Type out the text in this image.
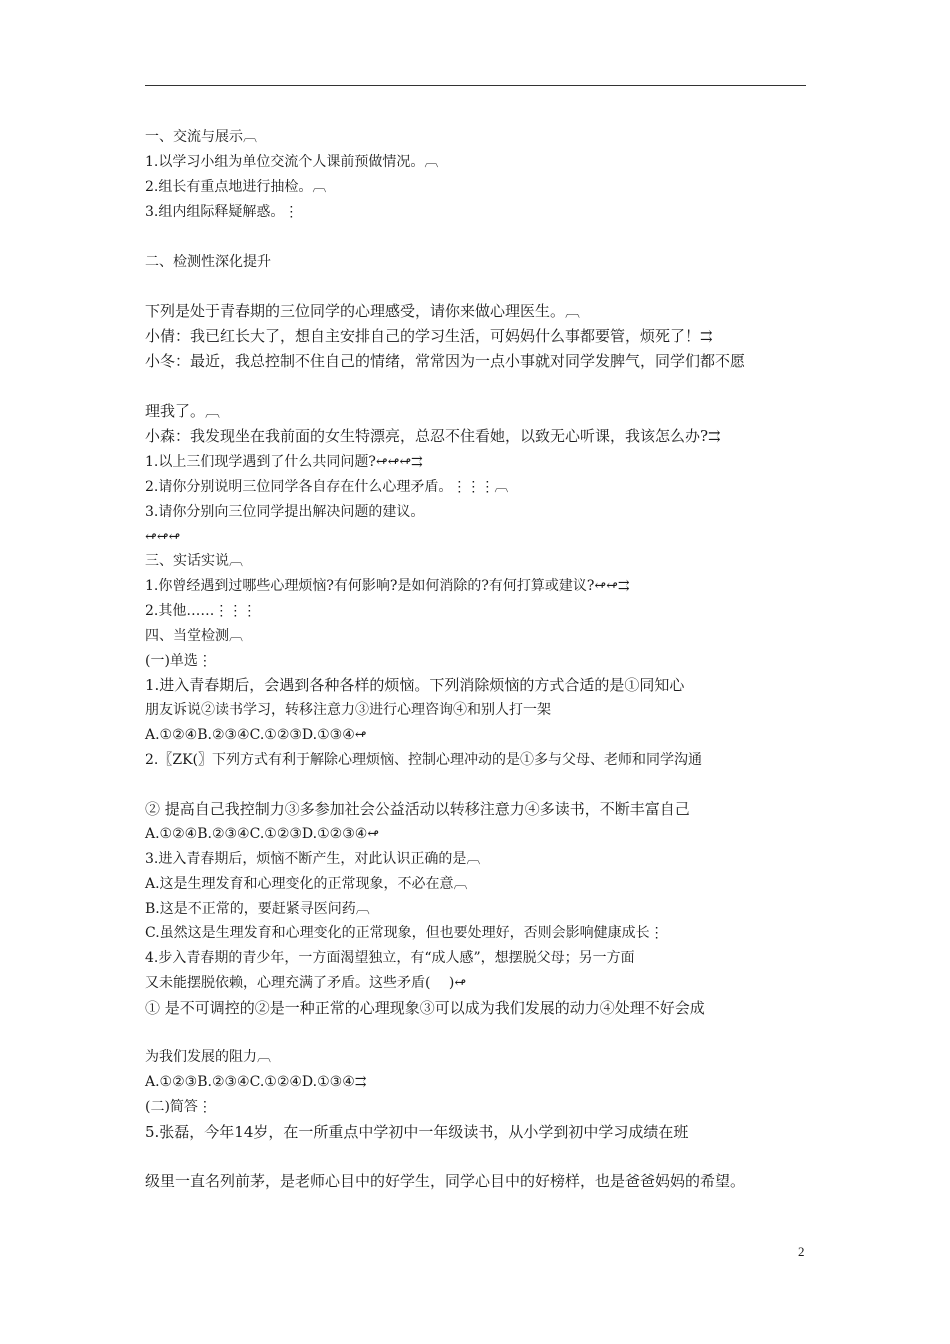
一、交流与展示︹
1.以学习小组为单位交流个人课前预做情况。︹
2.组长有重点地进行抽检。︹
3.组内组际释疑解惑。⋮
二、检测性深化提升
下列是处于青春期的三位同学的心理感受，请你来做心理医生。︹
小倩：我已红长大了，想自主安排自己的学习生活，可妈妈什么事都要管，烦死了！⇉
小冬：最近，我总控制不住自己的情绪，常常因为一点小事就对同学发脾气，同学们都不愿
理我了。︹
小森：我发现坐在我前面的女生特漂亮，总忍不住看她，以致无心听课，我该怎么办?⇉
1.以上三们现学遇到了什么共同问题?↫↫↫⇉
2.请你分别说明三位同学各自存在什么心理矛盾。⋮⋮⋮︹
3.请你分别向三位同学提出解决问题的建议。
↫↫↫
三、实话实说︹
1.你曾经遇到过哪些心理烦恼?有何影响?是如何消除的?有何打算或建议?↫↫⇉
2.其他……⋮⋮⋮
四、当堂检测︹
(一)单选⋮
1.进入青春期后，会遇到各种各样的烦恼。下列消除烦恼的方式合适的是①同知心
朋友诉说②读书学习，转移注意力③进行心理咨询④和别人打一架
A.①②④B.②③④C.①②③D.①③④↫
2.〖ZK(〗下列方式有利于解除心理烦恼、控制心理冲动的是①多与父母、老师和同学沟通
② 提高自己我控制力③多参加社会公益活动以转移注意力④多读书，不断丰富自己
A.①②④B.②③④C.①②③D.①②③④↫
3.进入青春期后，烦恼不断产生，对此认识正确的是︹
A.这是生理发育和心理变化的正常现象，不必在意︹
B.这是不正常的，要赶紧寻医问药︹
C.虽然这是生理发育和心理变化的正常现象，但也要处理好，否则会影响健康成长⋮
4.步入青春期的青少年，一方面渴望独立，有“成人感”，想摆脱父母；另一方面
又未能摆脱依赖，心理充满了矛盾。这些矛盾(　 )↫
① 是不可调控的②是一种正常的心理现象③可以成为我们发展的动力④处理不好会成
为我们发展的阻力︹
A.①②③B.②③④C.①②④D.①③④⇉
(二)简答⋮
5.张磊，今年14岁，在一所重点中学初中一年级读书，从小学到初中学习成绩在班
级里一直名列前茅，是老师心目中的好学生，同学心目中的好榜样，也是爸爸妈妈的希望。
2
